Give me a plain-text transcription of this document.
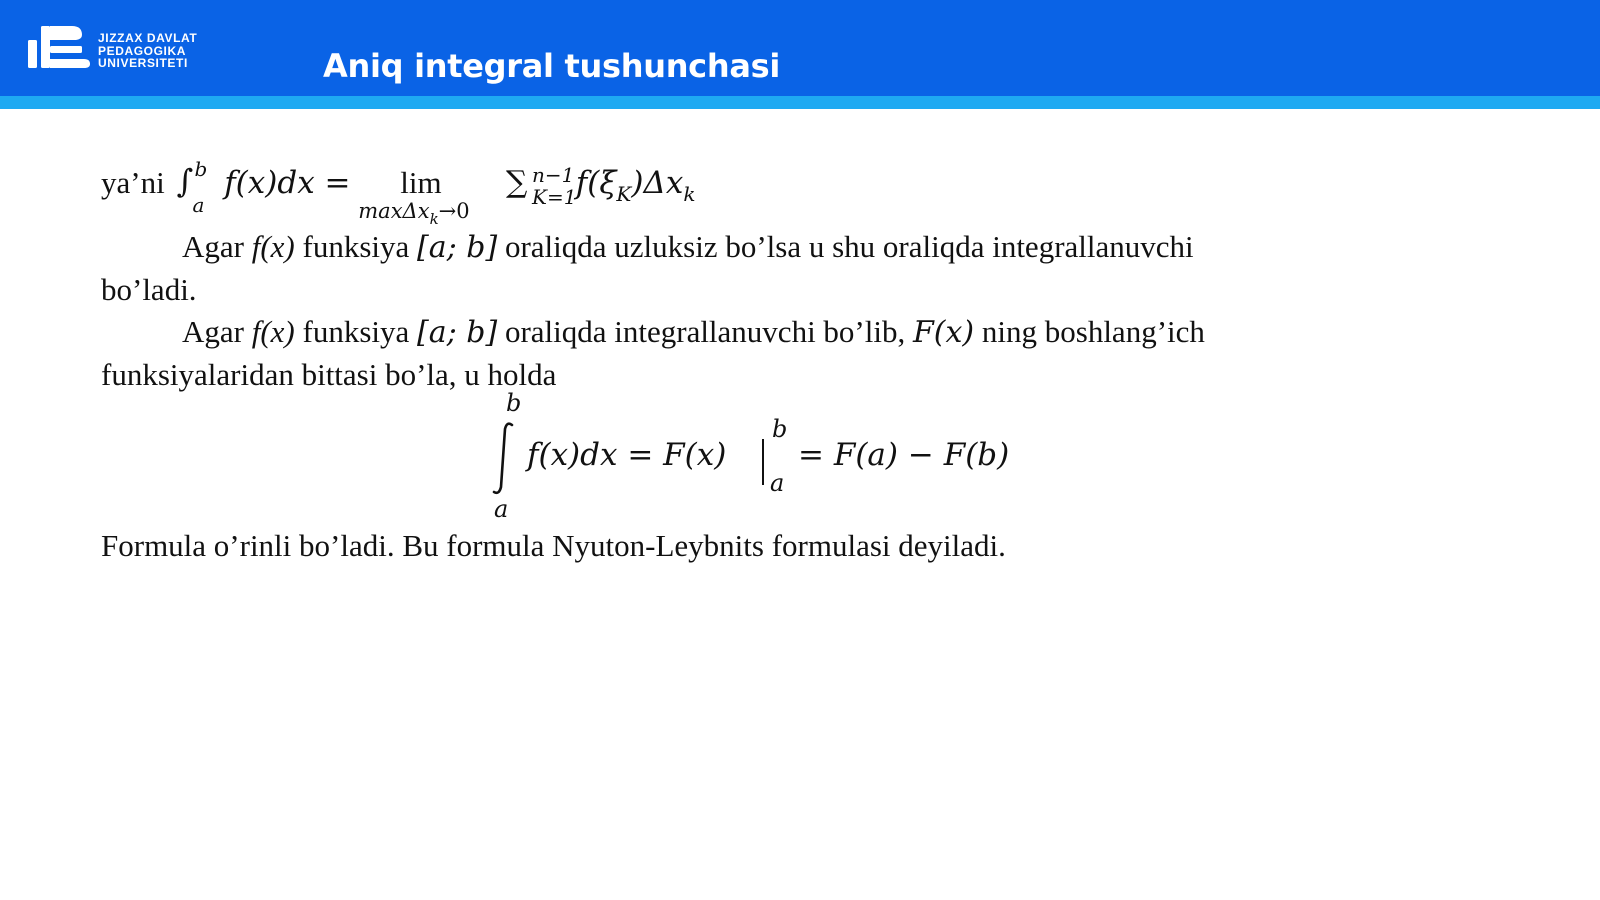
JIZZAX DAVLAT
PEDAGOGIKA
UNIVERSITETI	Aniq integral tushunchasi
ya’ni ∫ b
a
f(x)dx = lim
maxΔx$_k$→0

∑ n−1
K=1 $f(\xi_K)\Delta x_k$
Agar f(x) funksiya [a; b] oraliqda uzluksiz bo’lsa u shu oraliqda integrallanuvchi
bo’ladi.
Agar f(x) funksiya [a; b] oraliqda integrallanuvchi bo’lib, F(x) ning boshlang’ich
funksiyalaridan bittasi bo’la, u holda
b
a
f(x)dx = F(x)
b
a
= F(a) − F(b)
Formula o’rinli bo’ladi. Bu formula Nyuton-Leybnits formulasi deyiladi.
